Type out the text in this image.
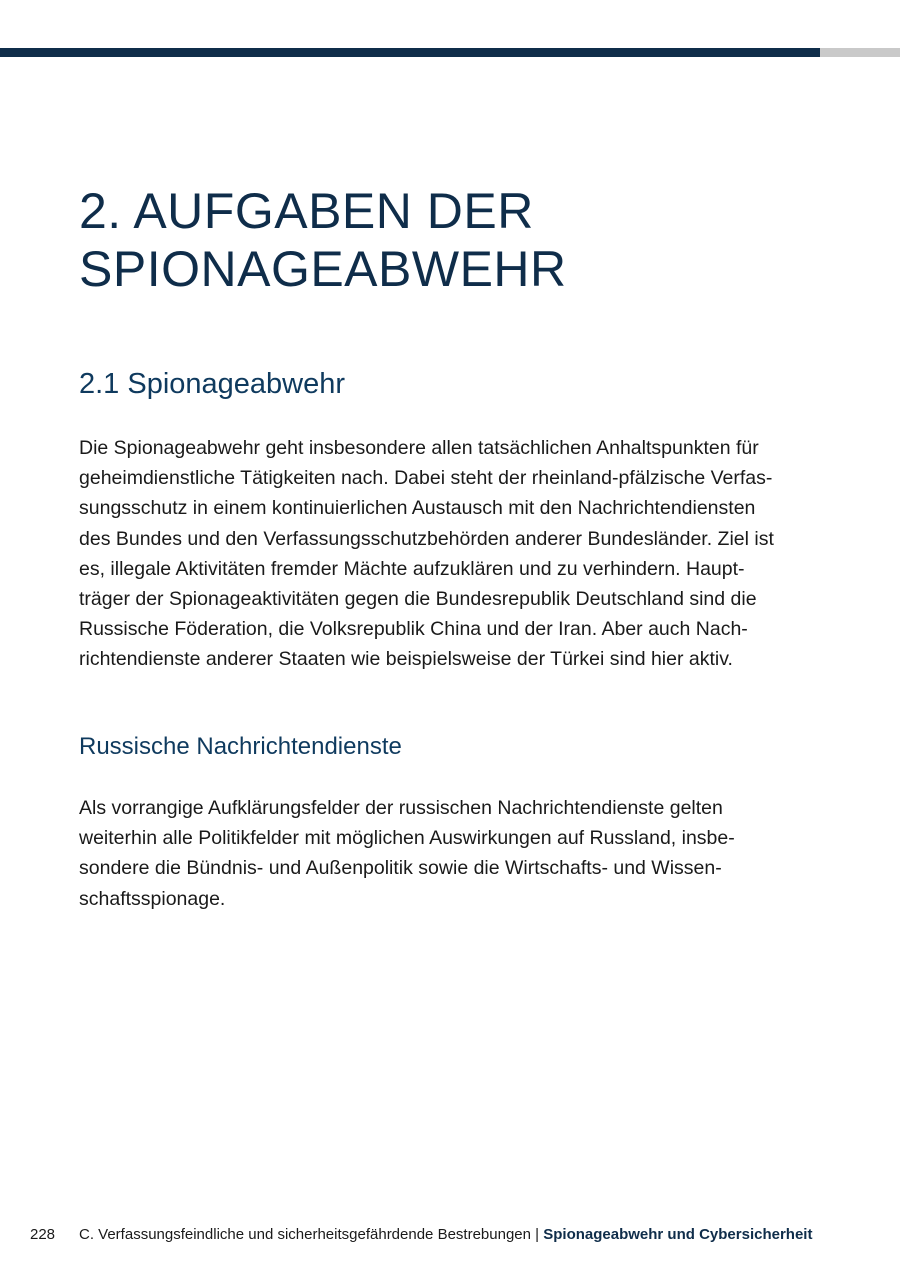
2. AUFGABEN DER
SPIONAGEABWEHR
2.1 Spionageabwehr

Die Spionageabwehr geht insbesondere allen tatsächlichen Anhaltspunkten für
geheimdienstliche Tätigkeiten nach. Dabei steht der rheinland-pfälzische Verfas-
sungsschutz in einem kontinuierlichen Austausch mit den Nachrichtendiensten
des Bundes und den Verfassungsschutzbehörden anderer Bundesländer. Ziel ist
es, illegale Aktivitäten fremder Mächte aufzuklären und zu verhindern. Haupt-
träger der Spionageaktivitäten gegen die Bundesrepublik Deutschland sind die
Russische Föderation, die Volksrepublik China und der Iran. Aber auch Nach-
richtendienste anderer Staaten wie beispielsweise der Türkei sind hier aktiv.

Russische Nachrichtendienste

Als vorrangige Aufklärungsfelder der russischen Nachrichtendienste gelten
weiterhin alle Politikfelder mit möglichen Auswirkungen auf Russland, insbe-
sondere die Bündnis- und Außenpolitik sowie die Wirtschafts- und Wissen-
schaftsspionage.

228 C. Verfassungsfeindliche und sicherheitsgefährdende Bestrebungen | Spionageabwehr und Cybersicherheit
